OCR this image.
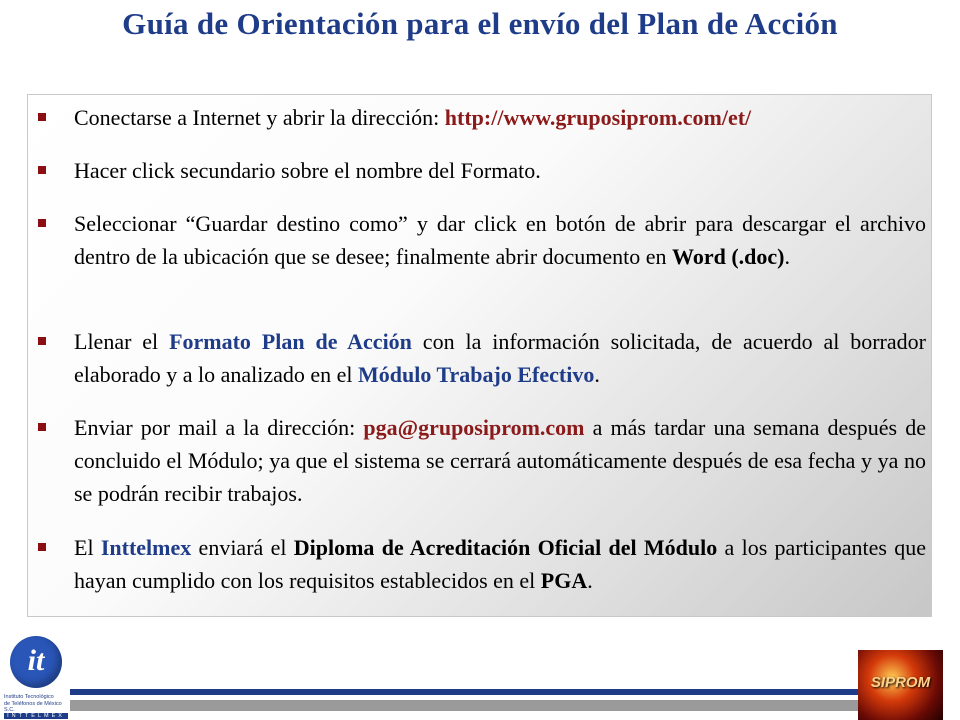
Guía de Orientación para el envío del Plan de Acción
Conectarse a Internet y abrir la dirección: http://www.gruposiprom.com/et/
Hacer click secundario sobre el nombre del Formato.
Seleccionar “Guardar destino como” y dar click en botón de abrir para descargar el archivo dentro de la ubicación que se desee; finalmente abrir documento en Word (.doc).
Llenar el Formato Plan de Acción con la información solicitada, de acuerdo al borrador elaborado y a lo analizado en el Módulo Trabajo Efectivo.
Enviar por mail a la dirección: pga@gruposiprom.com a más tardar una semana después de concluido el Módulo; ya que el sistema se cerrará automáticamente después de esa fecha y ya no se podrán recibir trabajos.
El Inttelmex enviará el Diploma de Acreditación Oficial del Módulo a los participantes que hayan cumplido con los requisitos establecidos en el PGA.
it
Instituto Tecnológico
de Teléfonos de México S.C.
INTTELMEX
SIPROM
